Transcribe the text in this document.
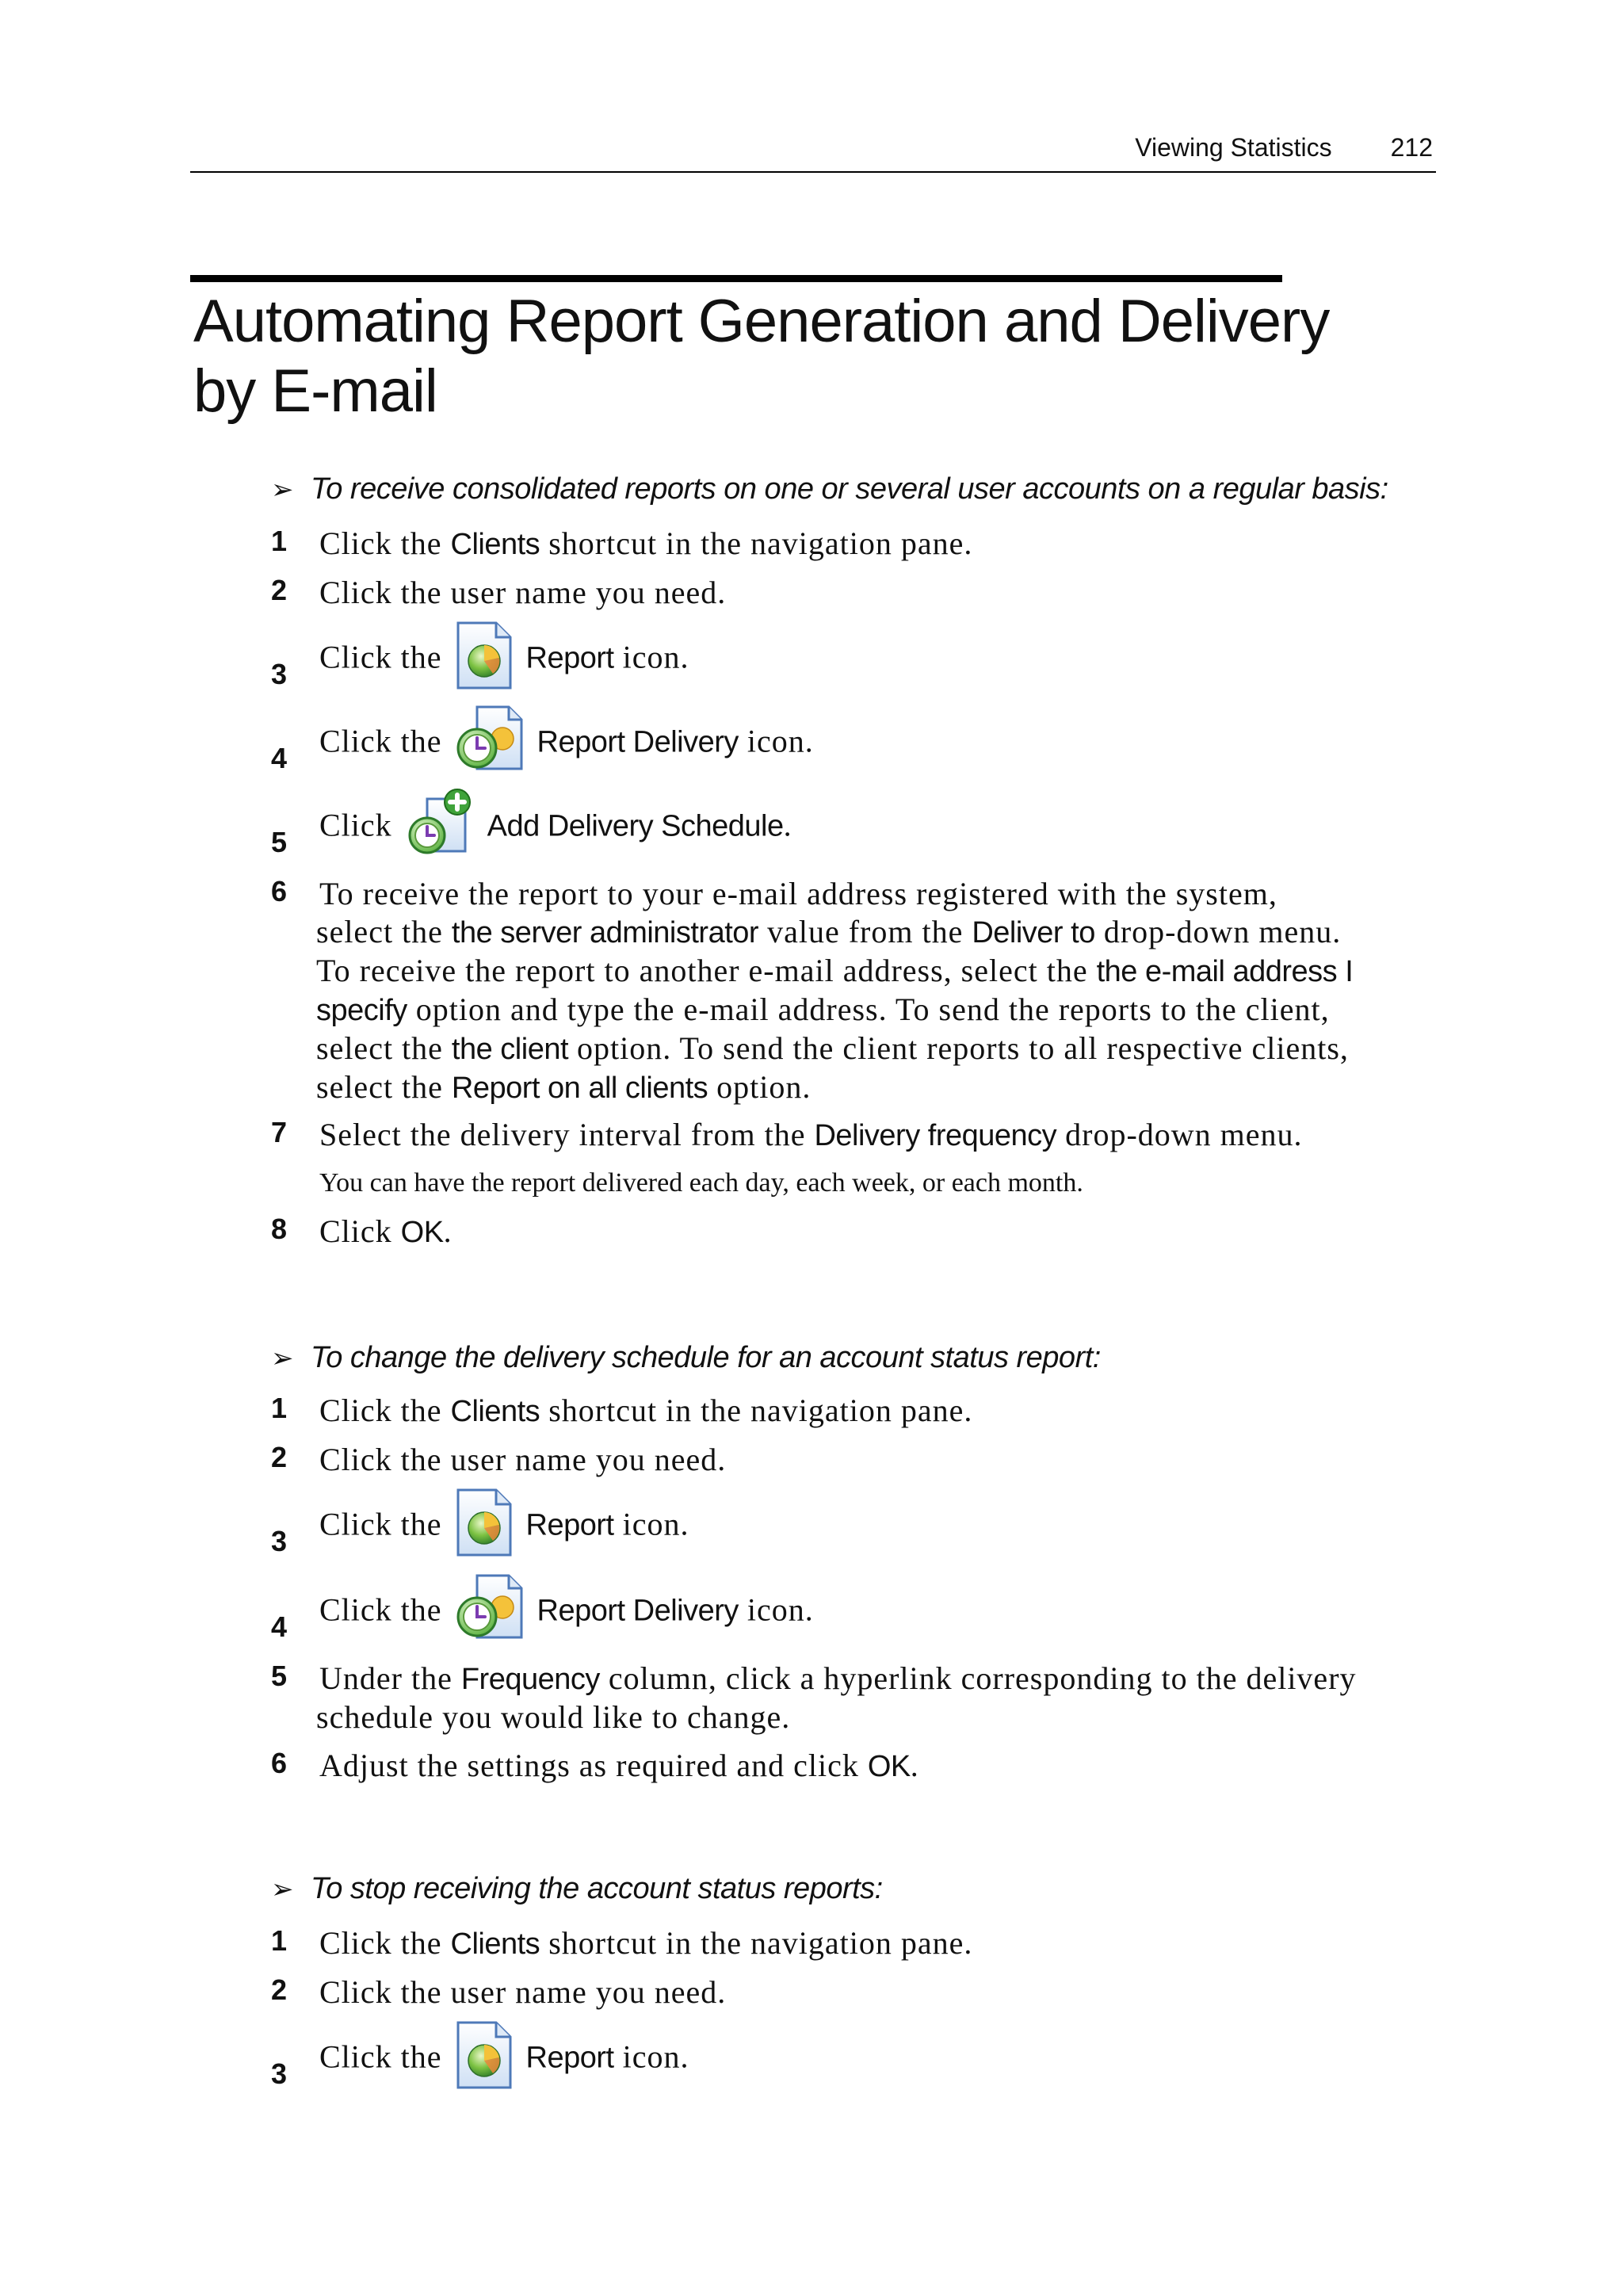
Viewing Statistics 212
Automating Report Generation and Delivery
by E-mail
➢ To receive consolidated reports on one or several user accounts on a regular basis:
1 Click the Clients shortcut in the navigation pane.
2 Click the user name you need.
3 Click the	Report icon.
4 Click the	Report Delivery icon.
5 Click	Add Delivery Schedule.
6 To receive the report to your e-mail address registered with the system,
select the the server administrator value from the Deliver to drop-down menu.
To receive the report to another e-mail address, select the the e-mail address I
specify option and type the e-mail address. To send the reports to the client,
select the the client option. To send the client reports to all respective clients,
select the Report on all clients option.
7 Select the delivery interval from the Delivery frequency drop-down menu.
You can have the report delivered each day, each week, or each month.
8 Click OK.
➢ To change the delivery schedule for an account status report:
1 Click the Clients shortcut in the navigation pane.
2 Click the user name you need.
3 Click the	Report icon.
4 Click the	Report Delivery icon.
5 Under the Frequency column, click a hyperlink corresponding to the delivery
schedule you would like to change.
6 Adjust the settings as required and click OK.
➢ To stop receiving the account status reports:
1 Click the Clients shortcut in the navigation pane.
2 Click the user name you need.
3 Click the	Report icon.
